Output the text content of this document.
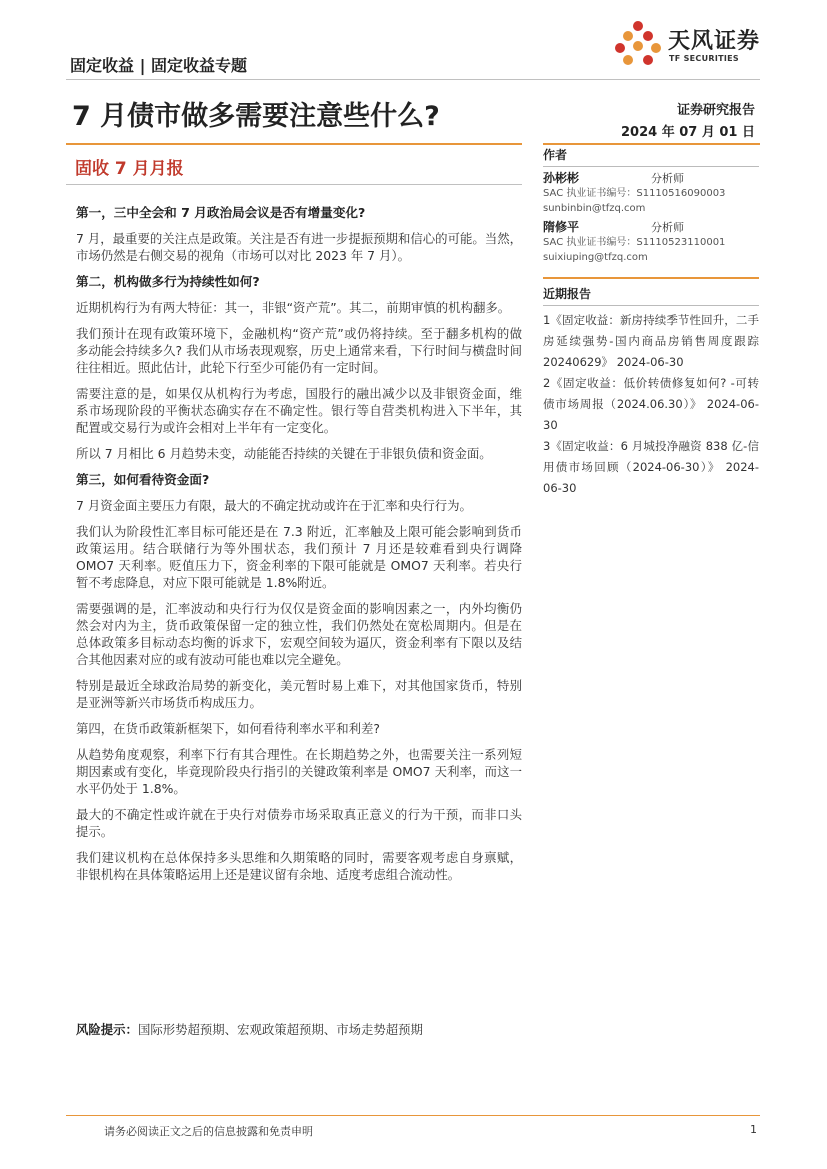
固定收益 | 固定收益专题
天风证券
TF SECURITIES
7 月债市做多需要注意些什么?	证券研究报告
2024 年 07 月 01 日
固收 7 月月报
第一，三中全会和 7 月政治局会议是否有增量变化?

7 月，最重要的关注点是政策。关注是否有进一步提振预期和信心的可能。当然，市场仍然是右侧交易的视角（市场可以对比 2023 年 7 月）。

第二，机构做多行为持续性如何?

近期机构行为有两大特征：其一，非银“资产荒”。其二，前期审慎的机构翻多。

我们预计在现有政策环境下，金融机构“资产荒”或仍将持续。至于翻多机构的做多动能会持续多久? 我们从市场表现观察，历史上通常来看，下行时间与横盘时间往往相近。照此估计，此轮下行至少可能仍有一定时间。

需要注意的是，如果仅从机构行为考虑，国股行的融出减少以及非银资金面，维系市场现阶段的平衡状态确实存在不确定性。银行等自营类机构进入下半年，其配置或交易行为或许会相对上半年有一定变化。

所以 7 月相比 6 月趋势未变，动能能否持续的关键在于非银负债和资金面。

第三，如何看待资金面?

7 月资金面主要压力有限，最大的不确定扰动或许在于汇率和央行行为。

我们认为阶段性汇率目标可能还是在 7.3 附近，汇率触及上限可能会影响到货币政策运用。结合联储行为等外围状态，我们预计 7 月还是较难看到央行调降 OMO7 天利率。贬值压力下，资金利率的下限可能就是 OMO7 天利率。若央行暂不考虑降息，对应下限可能就是 1.8%附近。

需要强调的是，汇率波动和央行行为仅仅是资金面的影响因素之一，内外均衡仍然会对内为主，货币政策保留一定的独立性，我们仍然处在宽松周期内。但是在总体政策多目标动态均衡的诉求下，宏观空间较为逼仄，资金利率有下限以及结合其他因素对应的或有波动可能也难以完全避免。

特别是最近全球政治局势的新变化，美元暂时易上难下，对其他国家货币，特别是亚洲等新兴市场货币构成压力。

第四，在货币政策新框架下，如何看待利率水平和利差?

从趋势角度观察，利率下行有其合理性。在长期趋势之外，也需要关注一系列短期因素或有变化，毕竟现阶段央行指引的关键政策利率是 OMO7 天利率，而这一水平仍处于 1.8%。

最大的不确定性或许就在于央行对债券市场采取真正意义的行为干预，而非口头提示。

我们建议机构在总体保持多头思维和久期策略的同时，需要客观考虑自身禀赋，非银机构在具体策略运用上还是建议留有余地、适度考虑组合流动性。

作者
孙彬彬	分析师
SAC 执业证书编号：S1110516090003
sunbinbin@tfzq.com
隋修平	分析师
SAC 执业证书编号：S1110523110001
suixiuping@tfzq.com
近期报告
1《固定收益：新房持续季节性回升，二手房延续强势-国内商品房销售周度跟踪 20240629》 2024-06-30
2《固定收益：低价转债修复如何? -可转债市场周报（2024.06.30）》 2024-06-30
3《固定收益：6 月城投净融资 838 亿-信用债市场回顾（2024-06-30）》 2024-06-30
风险提示：国际形势超预期、宏观政策超预期、市场走势超预期
请务必阅读正文之后的信息披露和免责申明	1
